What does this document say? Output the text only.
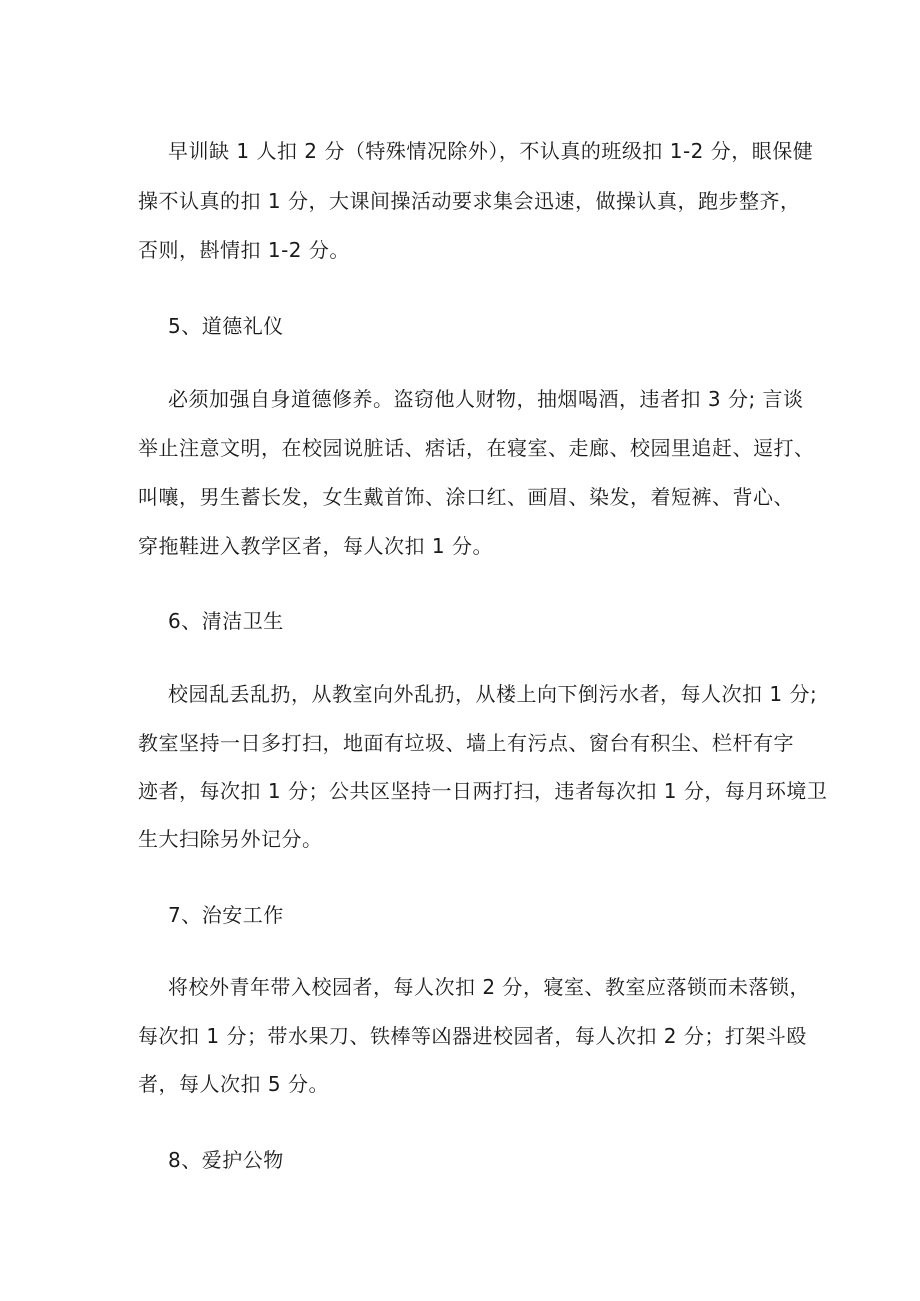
早训缺 1 人扣 2 分（特殊情况除外），不认真的班级扣 1-2 分，眼保健
操不认真的扣 1 分，大课间操活动要求集会迅速，做操认真，跑步整齐，
否则，斟情扣 1-2 分。
5、道德礼仪
必须加强自身道德修养。盗窃他人财物，抽烟喝酒，违者扣 3 分; 言谈
举止注意文明，在校园说脏话、痞话，在寝室、走廊、校园里追赶、逗打、
叫嚷，男生蓄长发，女生戴首饰、涂口红、画眉、染发，着短裤、背心、
穿拖鞋进入教学区者，每人次扣 1 分。
6、清洁卫生
校园乱丢乱扔，从教室向外乱扔，从楼上向下倒污水者，每人次扣 1 分;
教室坚持一日多打扫，地面有垃圾、墙上有污点、窗台有积尘、栏杆有字
迹者，每次扣 1 分；公共区坚持一日两打扫，违者每次扣 1 分，每月环境卫
生大扫除另外记分。
7、治安工作
将校外青年带入校园者，每人次扣 2 分，寝室、教室应落锁而未落锁，
每次扣 1 分；带水果刀、铁棒等凶器进校园者，每人次扣 2 分；打架斗殴
者，每人次扣 5 分。
8、爱护公物
